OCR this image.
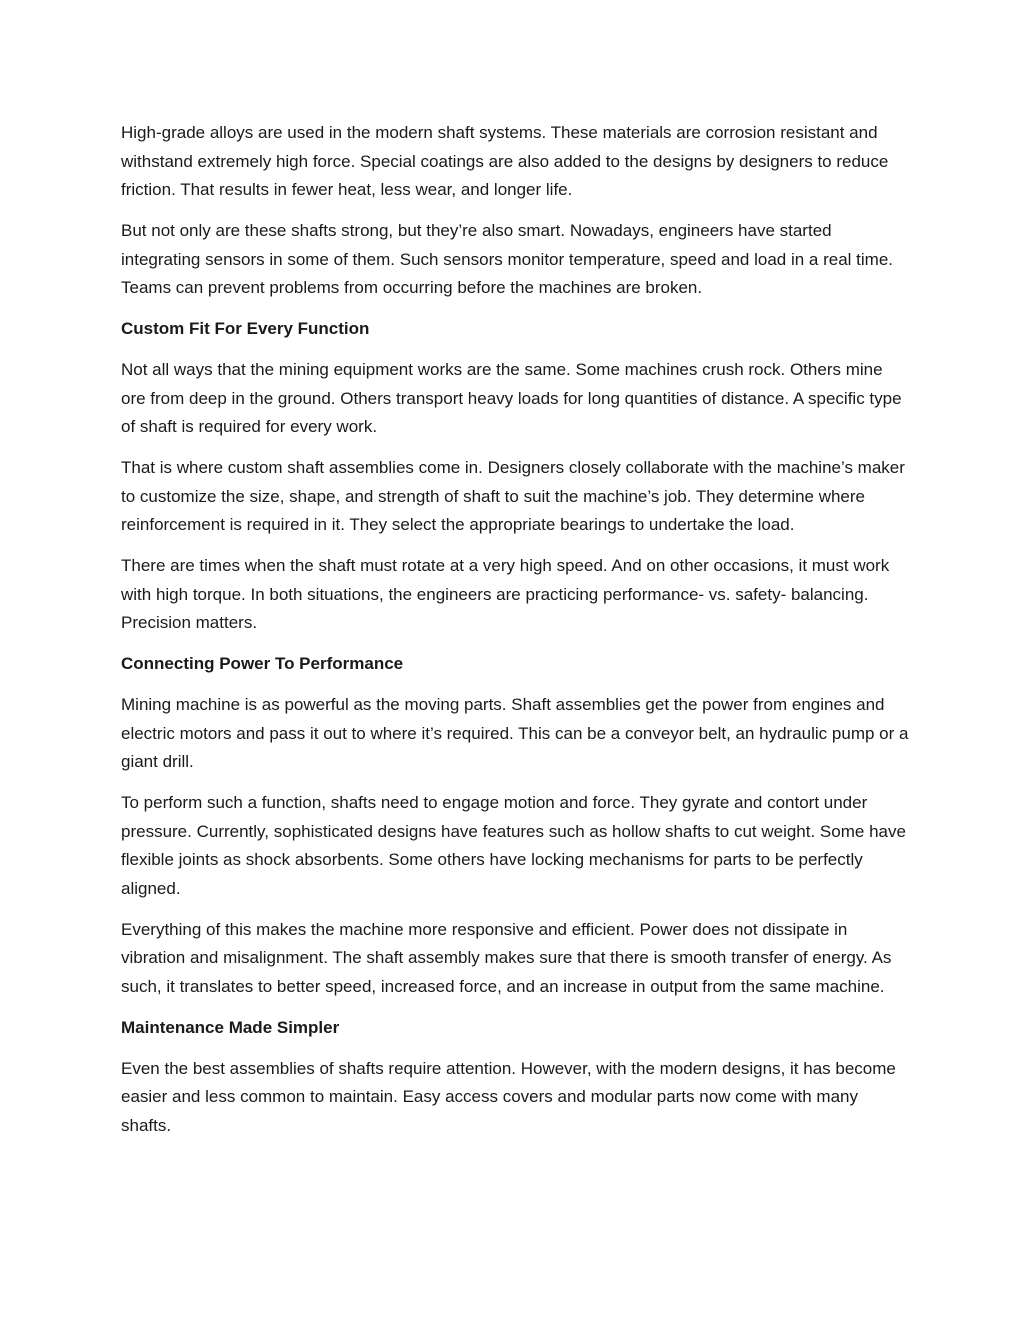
High-grade alloys are used in the modern shaft systems. These materials are corrosion resistant and withstand extremely high force. Special coatings are also added to the designs by designers to reduce friction. That results in fewer heat, less wear, and longer life.

But not only are these shafts strong, but they’re also smart. Nowadays, engineers have started integrating sensors in some of them. Such sensors monitor temperature, speed and load in a real time. Teams can prevent problems from occurring before the machines are broken.

Custom Fit For Every Function

Not all ways that the mining equipment works are the same. Some machines crush rock. Others mine ore from deep in the ground. Others transport heavy loads for long quantities of distance. A specific type of shaft is required for every work.

That is where custom shaft assemblies come in. Designers closely collaborate with the machine’s maker to customize the size, shape, and strength of shaft to suit the machine’s job. They determine where reinforcement is required in it. They select the appropriate bearings to undertake the load.

There are times when the shaft must rotate at a very high speed. And on other occasions, it must work with high torque. In both situations, the engineers are practicing performance- vs. safety- balancing. Precision matters.

Connecting Power To Performance

Mining machine is as powerful as the moving parts. Shaft assemblies get the power from engines and electric motors and pass it out to where it’s required. This can be a conveyor belt, an hydraulic pump or a giant drill.

To perform such a function, shafts need to engage motion and force. They gyrate and contort under pressure. Currently, sophisticated designs have features such as hollow shafts to cut weight. Some have flexible joints as shock absorbents. Some others have locking mechanisms for parts to be perfectly aligned.

Everything of this makes the machine more responsive and efficient. Power does not dissipate in vibration and misalignment. The shaft assembly makes sure that there is smooth transfer of energy. As such, it translates to better speed, increased force, and an increase in output from the same machine.

Maintenance Made Simpler

Even the best assemblies of shafts require attention. However, with the modern designs, it has become easier and less common to maintain. Easy access covers and modular parts now come with many shafts.
